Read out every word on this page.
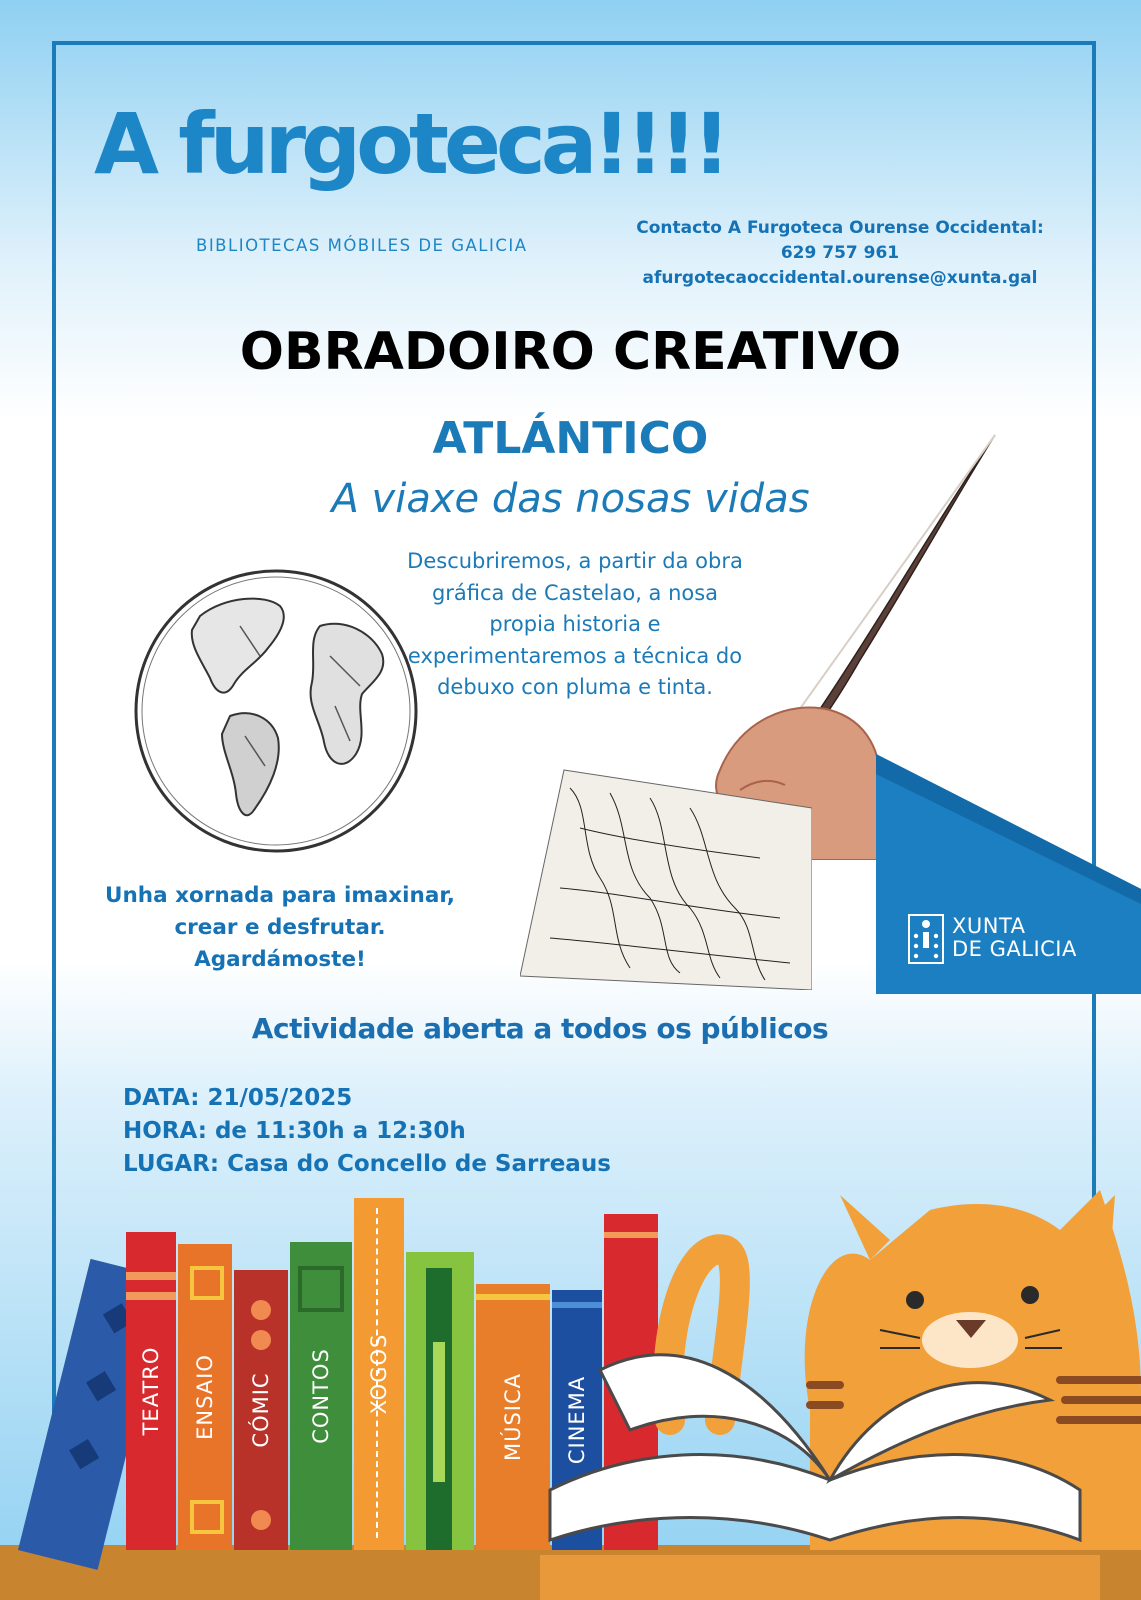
A furgoteca!!!!
BIBLIOTECAS MÓBILES DE GALICIA
Contacto A Furgoteca Ourense Occidental:
629 757 961
afurgotecaoccidental.ourense@xunta.gal
OBRADOIRO CREATIVO
ATLÁNTICO
A viaxe das nosas vidas
Descubriremos, a partir da obra gráfica de Castelao, a nosa propia historia e experimentaremos a técnica do debuxo con pluma e tinta.
Unha xornada para imaxinar, crear e desfrutar. Agardámoste!
XUNTA
DE GALICIA
Actividade aberta a todos os públicos
DATA: 21/05/2025
HORA: de 11:30h a 12:30h
LUGAR: Casa do Concello de Sarreaus
TEATRO ENSAIO CÓMIC CONTOS XOGOS	MÚSICA CINEMA
